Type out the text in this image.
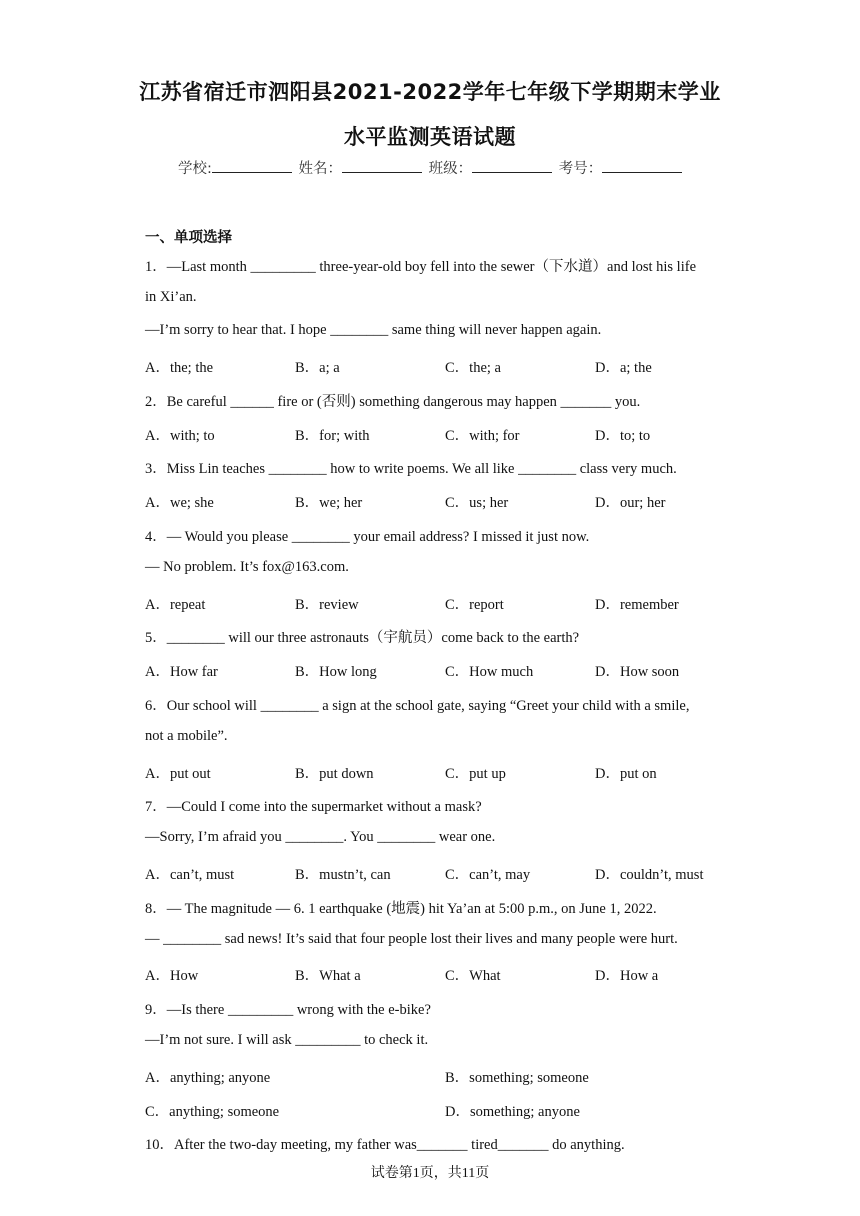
江苏省宿迁市泗阳县2021-2022学年七年级下学期期末学业
水平监测英语试题
学校:	姓名：	班级：	考号：
一、单项选择
1．—Last month _________ three-year-old boy fell into the sewer（下水道）and lost his life
in Xi’an.
—I’m sorry to hear that. I hope ________ same thing will never happen again.
A．the; the	B．a; a	C．the; a	D．a; the
2．Be careful ______ fire or (否则) something dangerous may happen _______ you.
A．with; to	B．for; with	C．with; for	D．to; to
3．Miss Lin teaches ________ how to write poems. We all like ________ class very much.
A．we; she	B．we; her	C．us; her	D．our; her
4．— Would you please ________ your email address? I missed it just now.
— No problem. It’s fox@163.com.
A．repeat	B．review	C．report	D．remember
5．________ will our three astronauts（宇航员）come back to the earth?
A．How far	B．How long	C．How much	D．How soon
6．Our school will ________ a sign at the school gate, saying “Greet your child with a smile,
not a mobile”.
A．put out	B．put down	C．put up	D．put on
7．—Could I come into the supermarket without a mask?
—Sorry, I’m afraid you ________. You ________ wear one.
A．can’t, must	B．mustn’t, can	C．can’t, may	D．couldn’t, must
8．— The magnitude — 6. 1 earthquake (地震) hit Ya’an at 5:00 p.m., on June 1, 2022.
— ________ sad news! It’s said that four people lost their lives and many people were hurt.
A．How	B．What a	C．What	D．How a
9．—Is there _________ wrong with the e-bike?
—I’m not sure. I will ask _________ to check it.
A．anything; anyone	B．something; someone
C．anything; someone	D．something; anyone
10．After the two-day meeting, my father was_______ tired_______ do anything.
试卷第1页，共11页
